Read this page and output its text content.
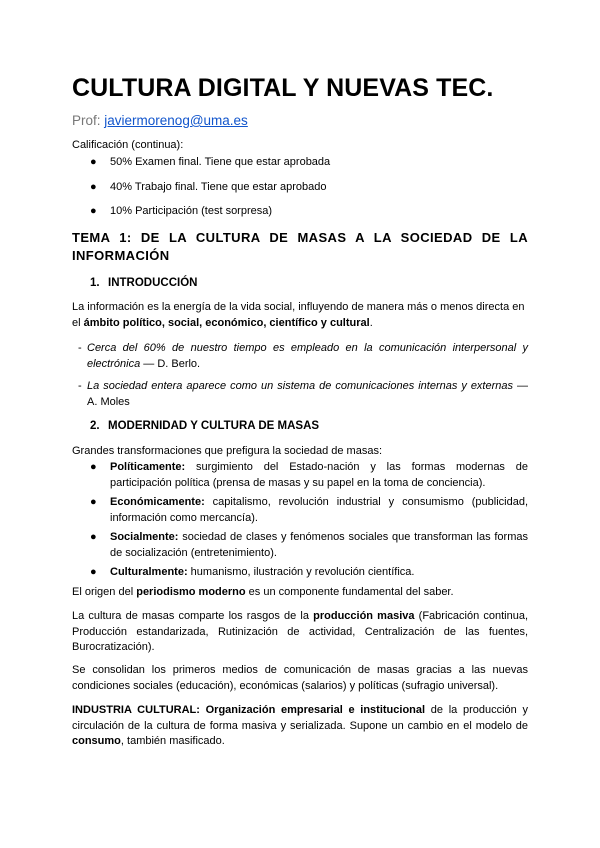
CULTURA DIGITAL Y NUEVAS TEC.
Prof: javiermorenog@uma.es
Calificación (continua):
● 50% Examen final. Tiene que estar aprobada
● 40% Trabajo final. Tiene que estar aprobado
● 10% Participación (test sorpresa)
TEMA 1: DE LA CULTURA DE MASAS A LA SOCIEDAD DE LA INFORMACIÓN
1. INTRODUCCIÓN

La información es la energía de la vida social, influyendo de manera más o menos directa en el ámbito político, social, económico, científico y cultural.

- Cerca del 60% de nuestro tiempo es empleado en la comunicación interpersonal y electrónica — D. Berlo.
- La sociedad entera aparece como un sistema de comunicaciones internas y externas — A. Moles
2. MODERNIDAD Y CULTURA DE MASAS

Grandes transformaciones que prefigura la sociedad de masas:

●	Políticamente: surgimiento del Estado-nación y las formas modernas de participación política (prensa de masas y su papel en la toma de conciencia).
●	Económicamente: capitalismo, revolución industrial y consumismo (publicidad, información como mercancía).
●	Socialmente: sociedad de clases y fenómenos sociales que transforman las formas de socialización (entretenimiento).
●	Culturalmente: humanismo, ilustración y revolución científica.

El origen del periodismo moderno es un componente fundamental del saber.

La cultura de masas comparte los rasgos de la producción masiva (Fabricación continua, Producción estandarizada, Rutinización de actividad, Centralización de las fuentes, Burocratización).

Se consolidan los primeros medios de comunicación de masas gracias a las nuevas condiciones sociales (educación), económicas (salarios) y políticas (sufragio universal).

INDUSTRIA CULTURAL: Organización empresarial e institucional de la producción y circulación de la cultura de forma masiva y serializada. Supone un cambio en el modelo de consumo, también masificado.
